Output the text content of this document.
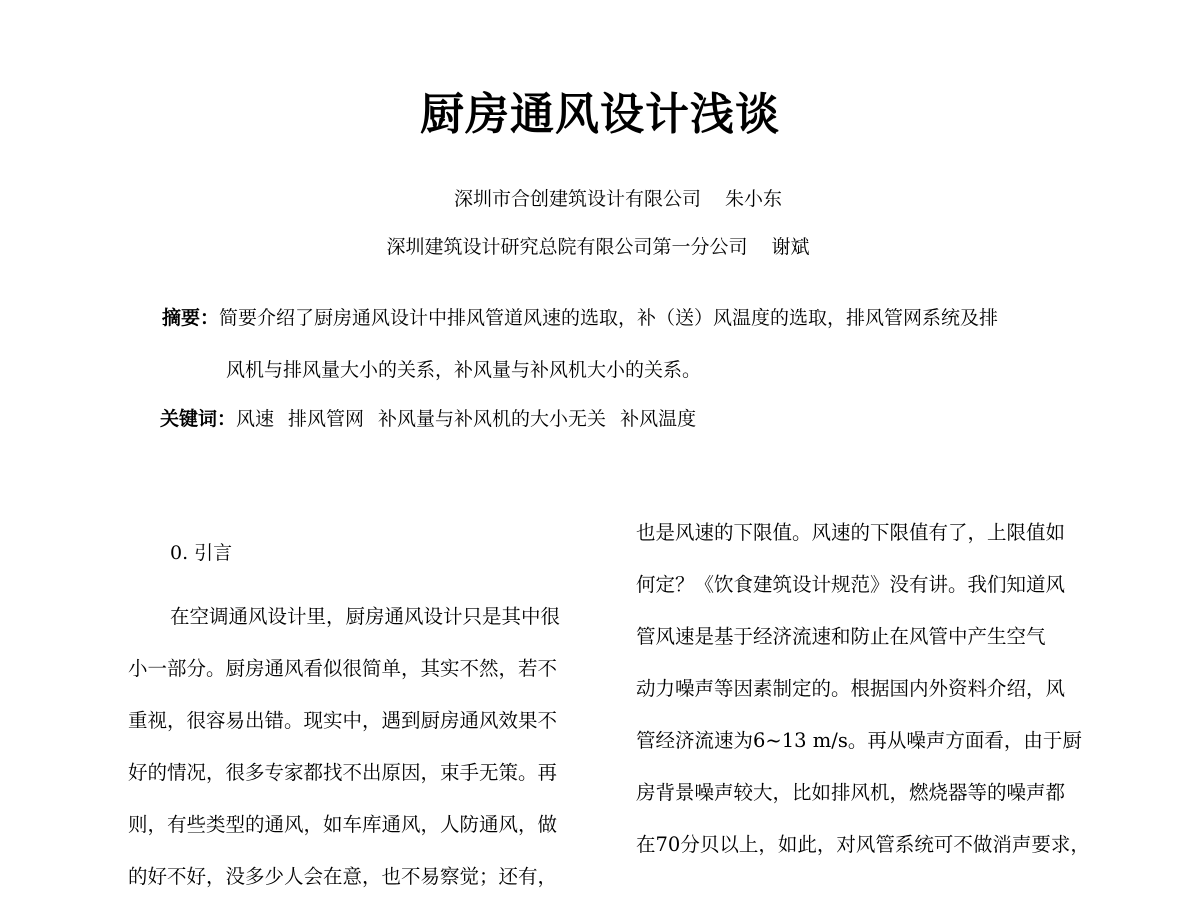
厨房通风设计浅谈
深圳市合创建筑设计有限公司 朱小东
深圳建筑设计研究总院有限公司第一分公司 谢斌
摘要：简要介绍了厨房通风设计中排风管道风速的选取，补（送）风温度的选取，排风管网系统及排
风机与排风量大小的关系，补风量与补风机大小的关系。
关键词：风速 排风管网 补风量与补风机的大小无关 补风温度
0. 引言
在空调通风设计里，厨房通风设计只是其中很
小一部分。厨房通风看似很简单，其实不然，若不
重视，很容易出错。现实中，遇到厨房通风效果不
好的情况，很多专家都找不出原因，束手无策。再
则，有些类型的通风，如车库通风，人防通风，做
的好不好，没多少人会在意，也不易察觉；还有，
也是风速的下限值。风速的下限值有了，上限值如
何定？《饮食建筑设计规范》没有讲。我们知道风
管风速是基于经济流速和防止在风管中产生空气
动力噪声等因素制定的。根据国内外资料介绍，风
管经济流速为6~13 m/s。再从噪声方面看，由于厨
房背景噪声较大，比如排风机，燃烧器等的噪声都
在70分贝以上，如此，对风管系统可不做消声要求，
